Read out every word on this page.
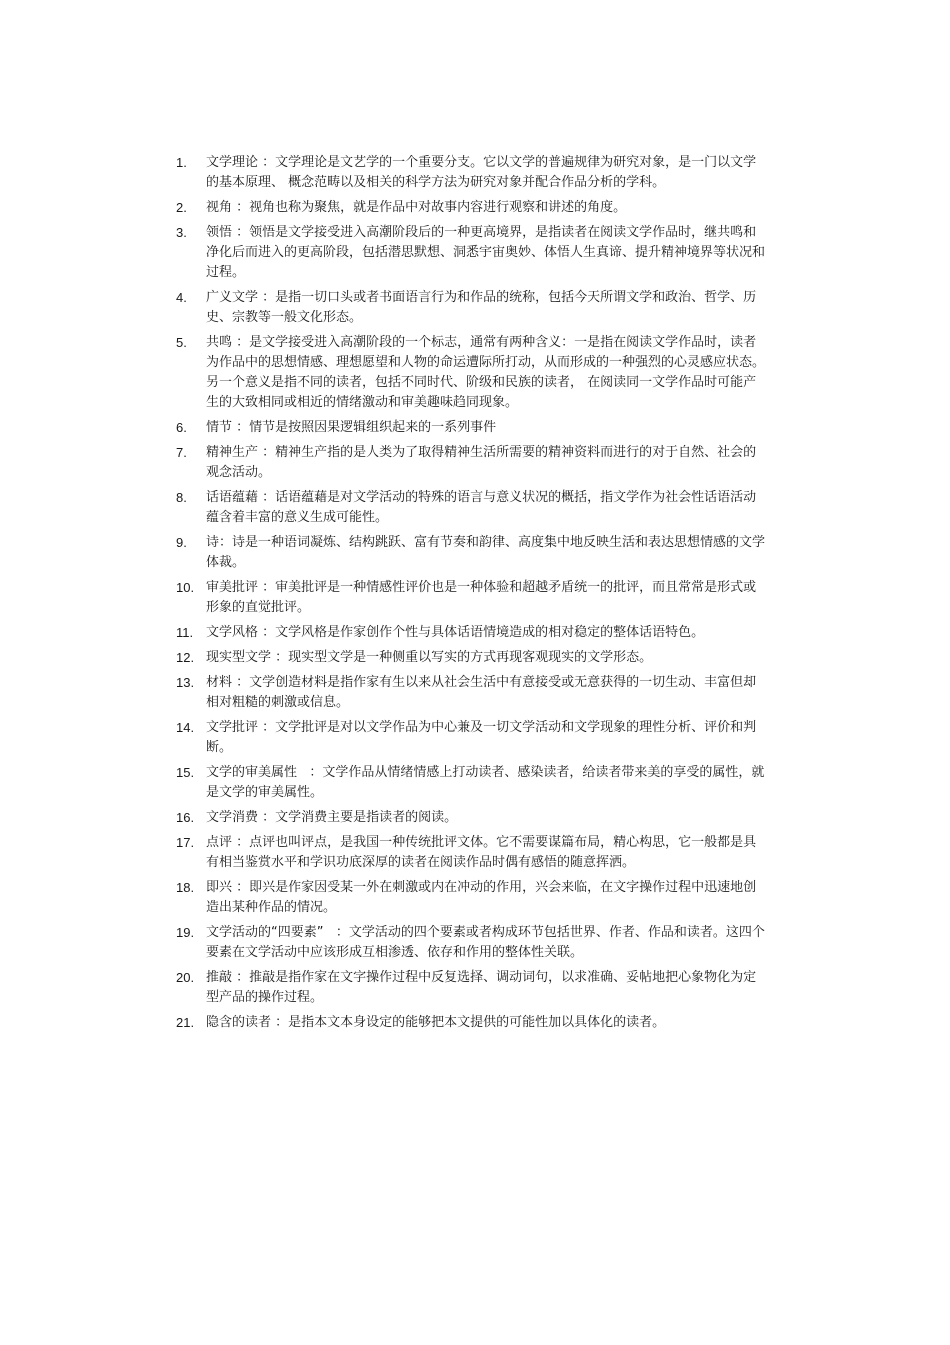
1.	文学理论 ：文学理论是文艺学的一个重要分支。它以文学的普遍规律为研究对象，是一门以文学的基本原理、 概念范畴以及相关的科学方法为研究对象并配合作品分析的学科。
2.	视角 ：视角也称为聚焦，就是作品中对故事内容进行观察和讲述的角度。
3.	领悟 ：领悟是文学接受进入高潮阶段后的一种更高境界，是指读者在阅读文学作品时，继共鸣和净化后而进入的更高阶段，包括潜思默想、洞悉宇宙奥妙、体悟人生真谛、提升精神境界等状况和过程。
4.	广义文学 ：是指一切口头或者书面语言行为和作品的统称，包括今天所谓文学和政治、哲学、历史、宗教等一般文化形态。
5.	共鸣 ：是文学接受进入高潮阶段的一个标志，通常有两种含义：一是指在阅读文学作品时，读者为作品中的思想情感、理想愿望和人物的命运遭际所打动，从而形成的一种强烈的心灵感应状态。另一个意义是指不同的读者，包括不同时代、阶级和民族的读者， 在阅读同一文学作品时可能产生的大致相同或相近的情绪激动和审美趣味趋同现象。
6.	情节 ：情节是按照因果逻辑组织起来的一系列事件
7.	精神生产 ：精神生产指的是人类为了取得精神生活所需要的精神资料而进行的对于自然、社会的观念活动。
8.	话语蕴藉 ：话语蕴藉是对文学活动的特殊的语言与意义状况的概括，指文学作为社会性话语活动蕴含着丰富的意义生成可能性。
9.	诗：诗是一种语词凝炼、结构跳跃、富有节奏和韵律、高度集中地反映生活和表达思想情感的文学体裁。
10. 审美批评 ：审美批评是一种情感性评价也是一种体验和超越矛盾统一的批评，而且常常是形式或形象的直觉批评。
11. 文学风格 ：文学风格是作家创作个性与具体话语情境造成的相对稳定的整体话语特色。
12. 现实型文学 ：现实型文学是一种侧重以写实的方式再现客观现实的文学形态。
13. 材料 ：文学创造材料是指作家有生以来从社会生活中有意接受或无意获得的一切生动、丰富但却相对粗糙的刺激或信息。
14. 文学批评 ：文学批评是对以文学作品为中心兼及一切文学活动和文学现象的理性分析、评价和判断。
15. 文学的审美属性   ：文学作品从情绪情感上打动读者、感染读者，给读者带来美的享受的属性，就是文学的审美属性。
16. 文学消费 ：文学消费主要是指读者的阅读。
17. 点评 ：点评也叫评点，是我国一种传统批评文体。它不需要谋篇布局，精心构思，它一般都是具有相当鉴赏水平和学识功底深厚的读者在阅读作品时偶有感悟的随意挥洒。
18. 即兴 ：即兴是作家因受某一外在刺激或内在冲动的作用，兴会来临，在文字操作过程中迅速地创造出某种作品的情况。
19. 文学活动的“四要素”   ：文学活动的四个要素或者构成环节包括世界、作者、作品和读者。这四个要素在文学活动中应该形成互相渗透、依存和作用的整体性关联。
20. 推敲 ：推敲是指作家在文字操作过程中反复选择、调动词句，以求准确、妥帖地把心象物化为定型产品的操作过程。
21. 隐含的读者 ：是指本文本身设定的能够把本文提供的可能性加以具体化的读者。
